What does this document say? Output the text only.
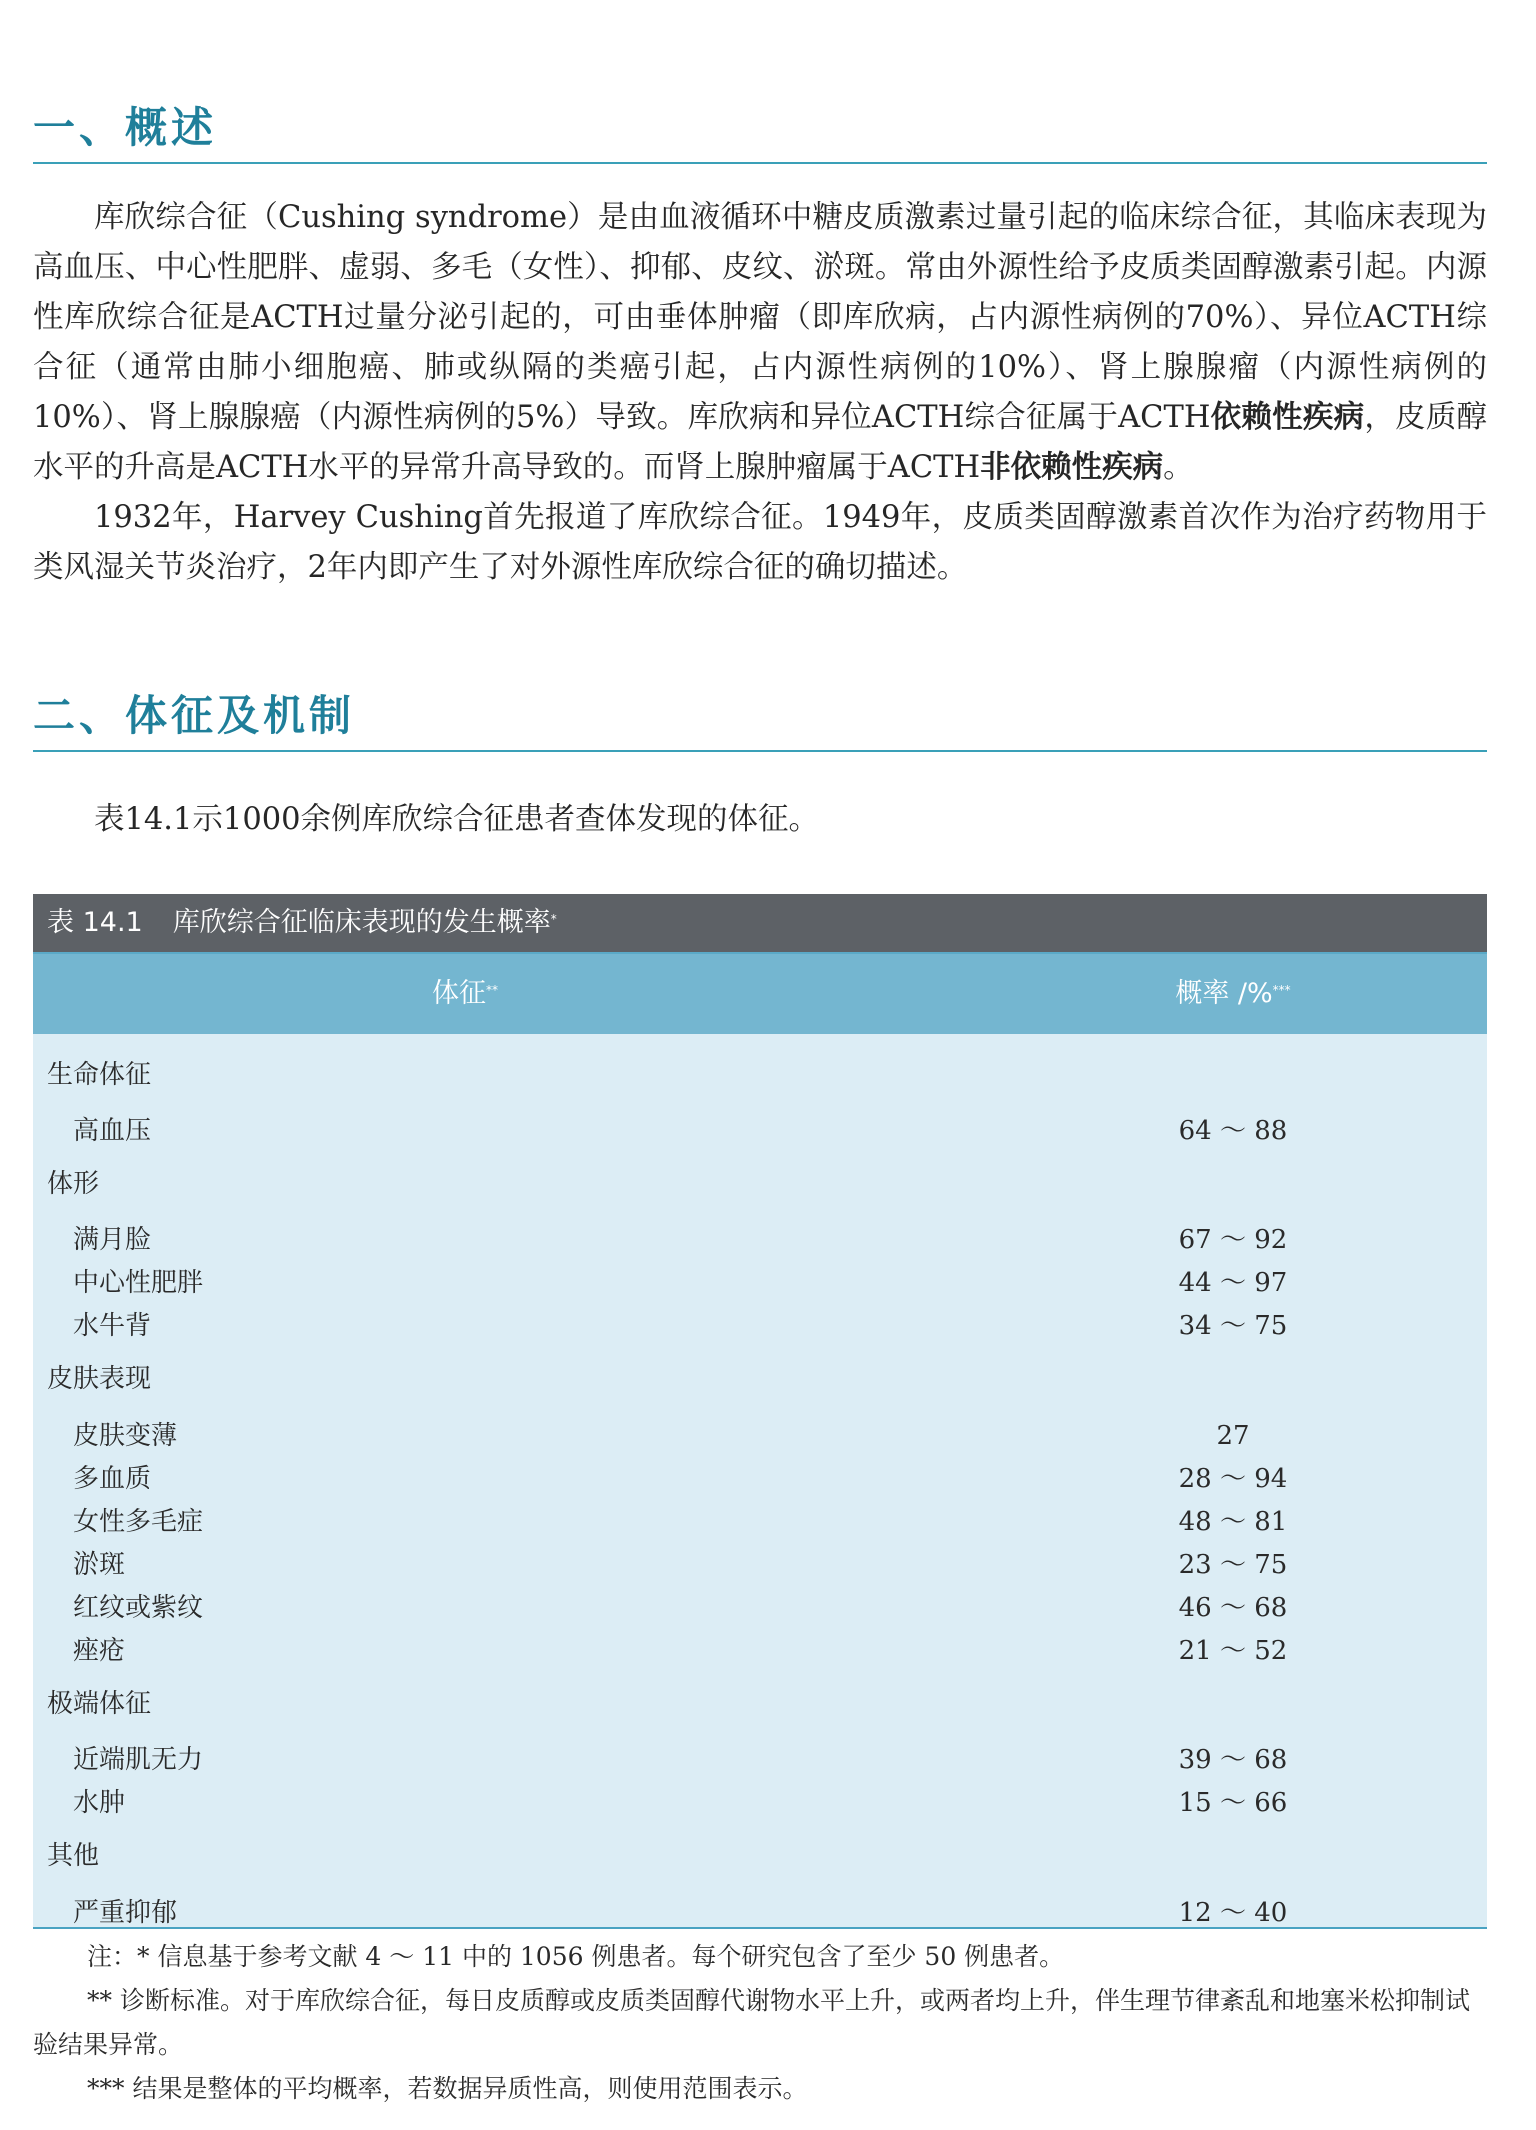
一、概述

库欣综合征（Cushing syndrome）是由血液循环中糖皮质激素过量引起的临床综合征，其临床表现为高血压、中心性肥胖、虚弱、多毛（女性）、抑郁、皮纹、淤斑。常由外源性给予皮质类固醇激素引起。内源性库欣综合征是ACTH过量分泌引起的，可由垂体肿瘤（即库欣病，占内源性病例的70%）、异位ACTH综合征（通常由肺小细胞癌、肺或纵隔的类癌引起，占内源性病例的10%）、肾上腺腺瘤（内源性病例的10%）、肾上腺腺癌（内源性病例的5%）导致。库欣病和异位ACTH综合征属于ACTH依赖性疾病，皮质醇水平的升高是ACTH水平的异常升高导致的。而肾上腺肿瘤属于ACTH非依赖性疾病。

1932年，Harvey Cushing首先报道了库欣综合征。1949年，皮质类固醇激素首次作为治疗药物用于类风湿关节炎治疗，2年内即产生了对外源性库欣综合征的确切描述。

二、体征及机制

表14.1示1000余例库欣综合征患者查体发现的体征。

表 14.1 库欣综合征临床表现的发生概率*
体征**	概率 /%***
生命体征
高血压	64 ～ 88
体形
满月脸	67 ～ 92
中心性肥胖	44 ～ 97
水牛背	34 ～ 75
皮肤表现
皮肤变薄	27
多血质	28 ～ 94
女性多毛症	48 ～ 81
淤斑	23 ～ 75
红纹或紫纹	46 ～ 68
痤疮	21 ～ 52
极端体征
近端肌无力	39 ～ 68
水肿	15 ～ 66
其他
严重抑郁	12 ～ 40

注：* 信息基于参考文献 4 ～ 11 中的 1056 例患者。每个研究包含了至少 50 例患者。

** 诊断标准。对于库欣综合征，每日皮质醇或皮质类固醇代谢物水平上升，或两者均上升，伴生理节律紊乱和地塞米松抑制试验结果异常。

*** 结果是整体的平均概率，若数据异质性高，则使用范围表示。
